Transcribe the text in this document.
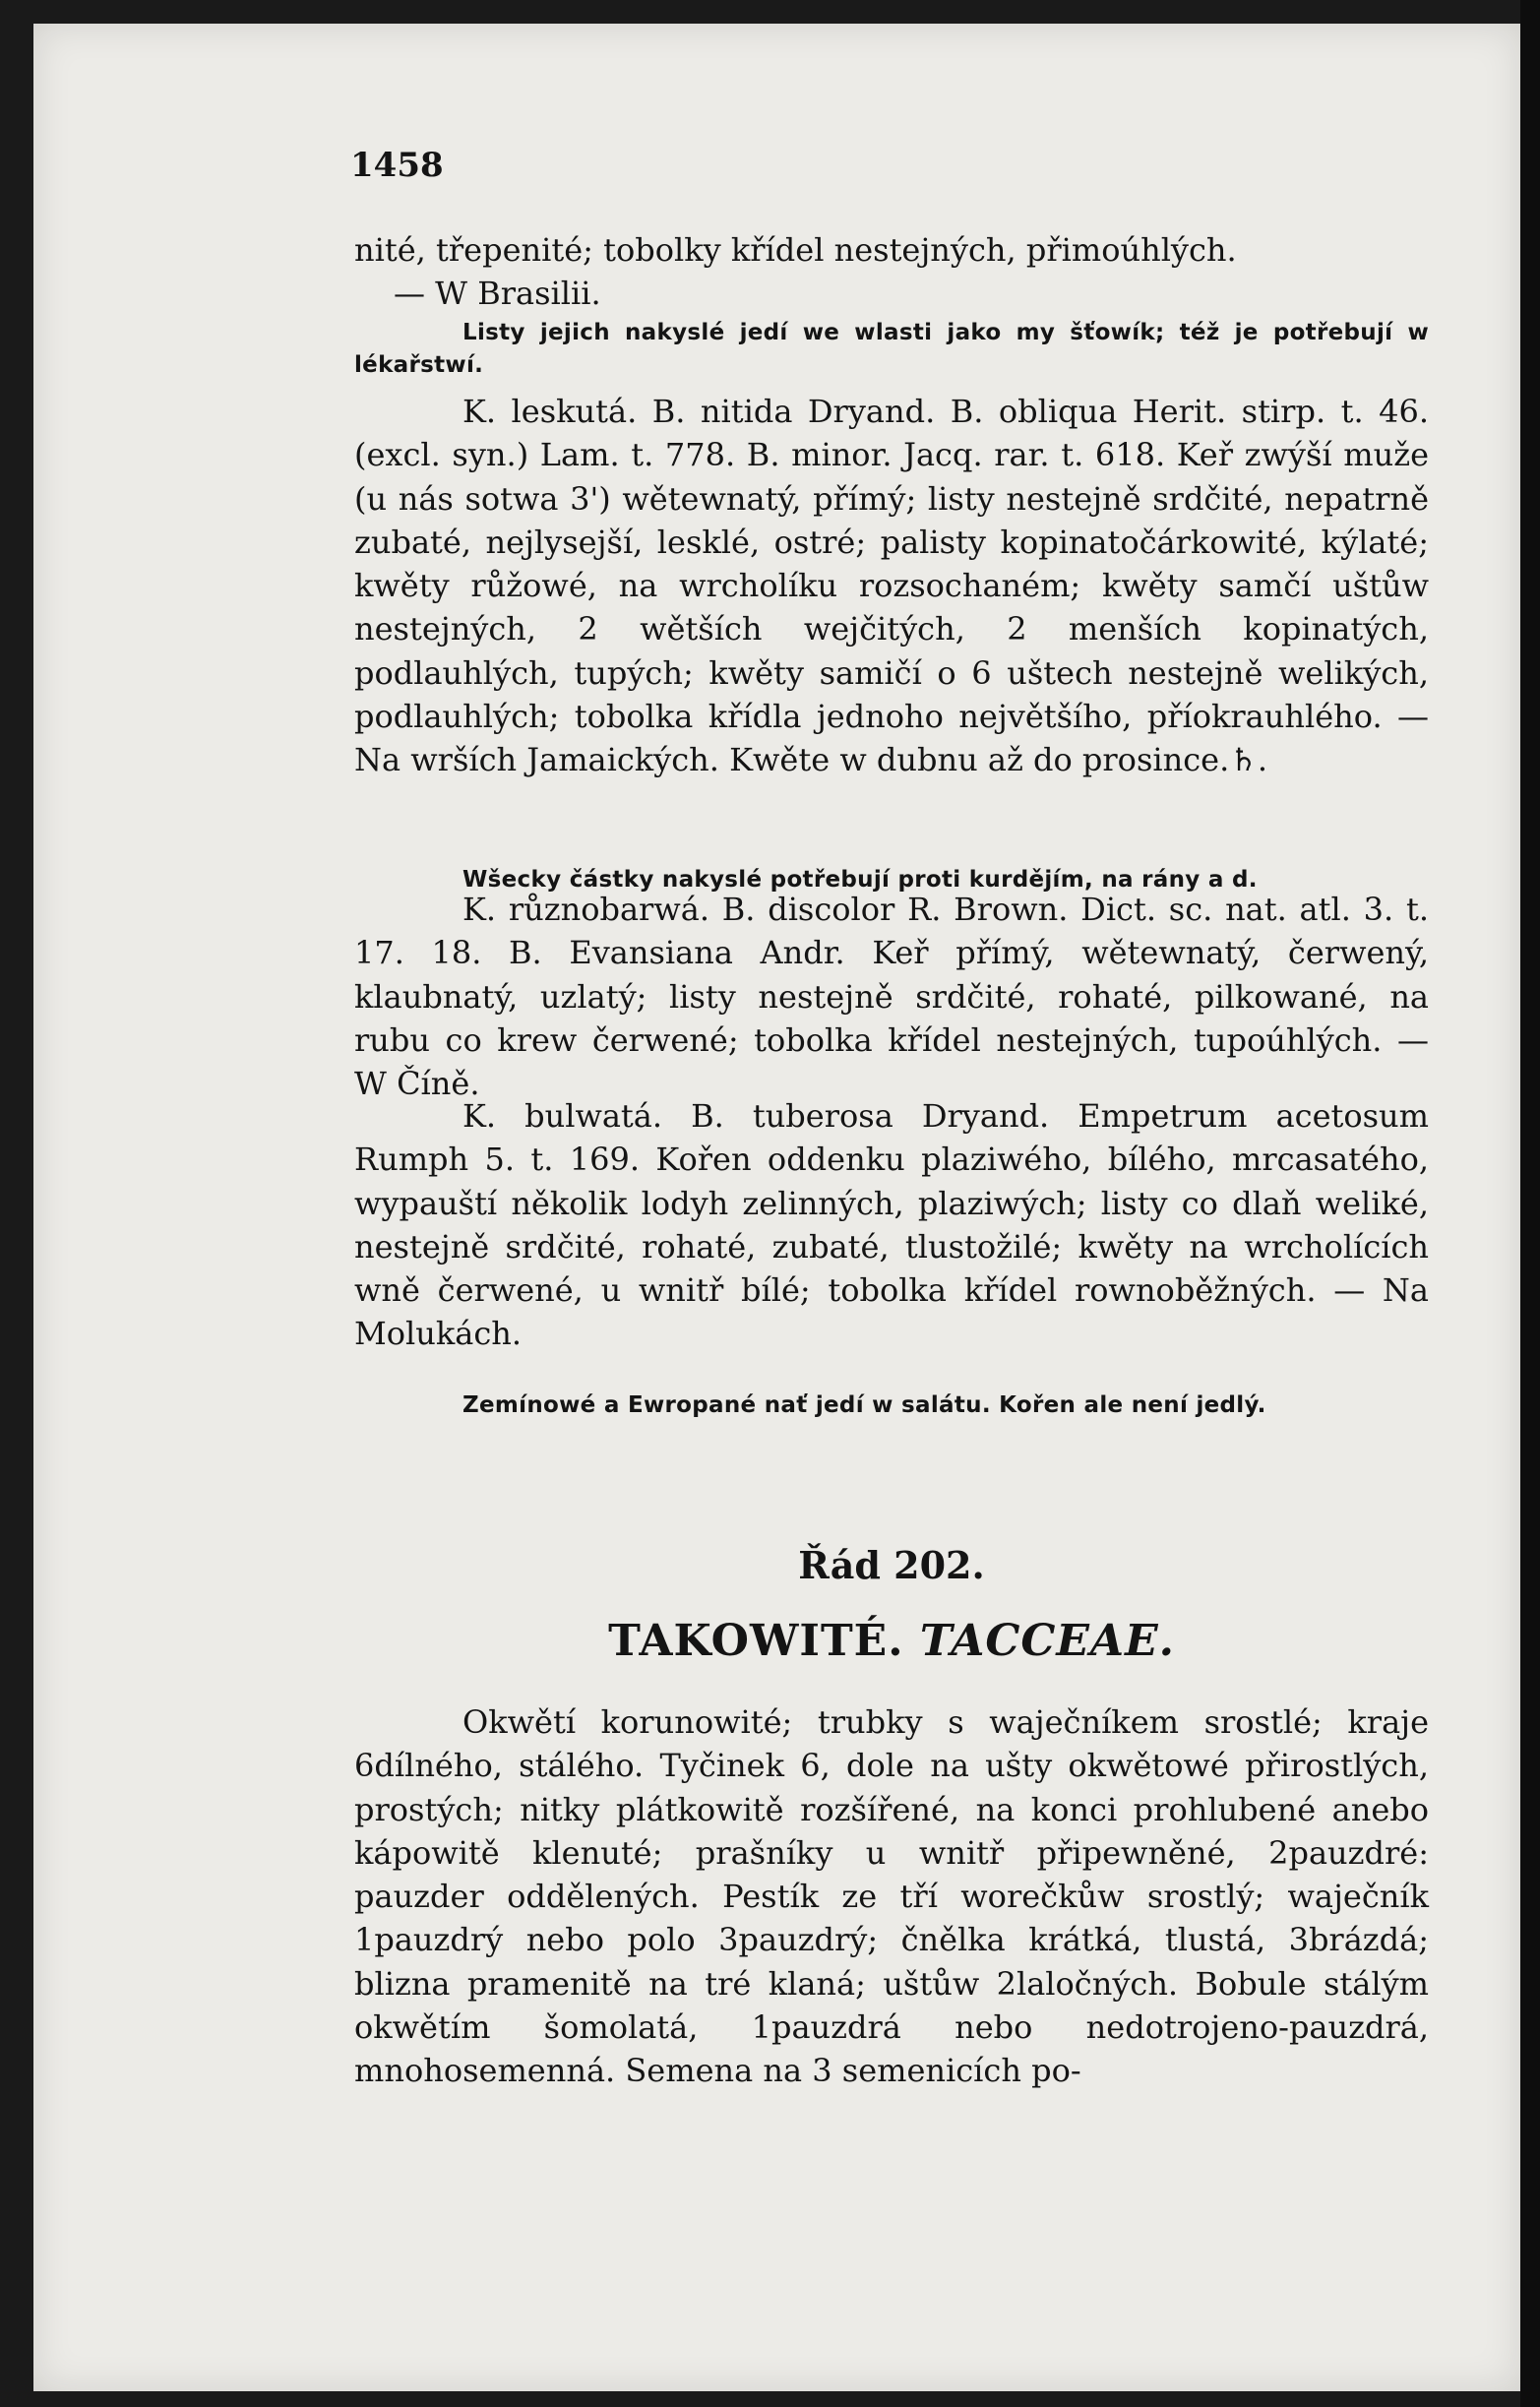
1458

nité, třepenité; tobolky křídel nestejných, přimoúhlých.

— W Brasilii.

Listy jejich nakyslé jedí we wlasti jako my šťowík; též je potřebují w lékařstwí.

K. leskutá. B. nitida Dryand. B. obliqua Herit. stirp. t. 46. (excl. syn.) Lam. t. 778. B. minor. Jacq. rar. t. 618. Keř zwýší muže (u nás sotwa 3') wětewnatý, přímý; listy nestejně srdčité, nepatrně zubaté, nejlysejší, lesklé, ostré; palisty kopinatočárkowité, kýlaté; kwěty růžowé, na wrcholíku rozsochaném; kwěty samčí uštůw nestejných, 2 wětších wejčitých, 2 menších kopinatých, podlauhlých, tupých; kwěty samičí o 6 uštech nestejně welikých, podlauhlých; tobolka křídla jednoho největšího, příokrauhlého. — Na wrších Jamaických. Kwěte w dubnu až do prosince.♄.

Wšecky částky nakyslé potřebují proti kurdějím, na rány a d.

K. různobarwá. B. discolor R. Brown. Dict. sc. nat. atl. 3. t. 17. 18. B. Evansiana Andr. Keř přímý, wětewnatý, čerwený, klaubnatý, uzlatý; listy nestejně srdčité, rohaté, pilkowané, na rubu co krew čerwené; tobolka křídel nestejných, tupoúhlých. — W Číně.

K. bulwatá. B. tuberosa Dryand. Empetrum acetosum Rumph 5. t. 169. Kořen oddenku plaziwého, bílého, mrcasatého, wypauští několik lodyh zelinných, plaziwých; listy co dlaň weliké, nestejně srdčité, rohaté, zubaté, tlustožilé; kwěty na wrcholících wně čerwené, u wnitř bílé; tobolka křídel rownoběžných. — Na Molukách.

Zemínowé a Ewropané nať jedí w salátu. Kořen ale není jedlý.

Řád 202.
TAKOWITÉ. TACCEAE.

Okwětí korunowité; trubky s waječníkem srostlé; kraje 6dílného, stálého. Tyčinek 6, dole na ušty okwětowé přirostlých, prostých; nitky plátkowitě rozšířené, na konci prohlubené anebo kápowitě klenuté; prašníky u wnitř připewněné, 2pauzdré: pauzder oddělených. Pestík ze tří worečkůw srostlý; waječník 1pauzdrý nebo polo 3pauzdrý; čnělka krátká, tlustá, 3brázdá; blizna pramenitě na tré klaná; uštůw 2laločných. Bobule stálým okwětím šomolatá, 1pauzdrá nebo nedotrojeno-pauzdrá, mnohosemenná. Semena na 3 semenicích po-
